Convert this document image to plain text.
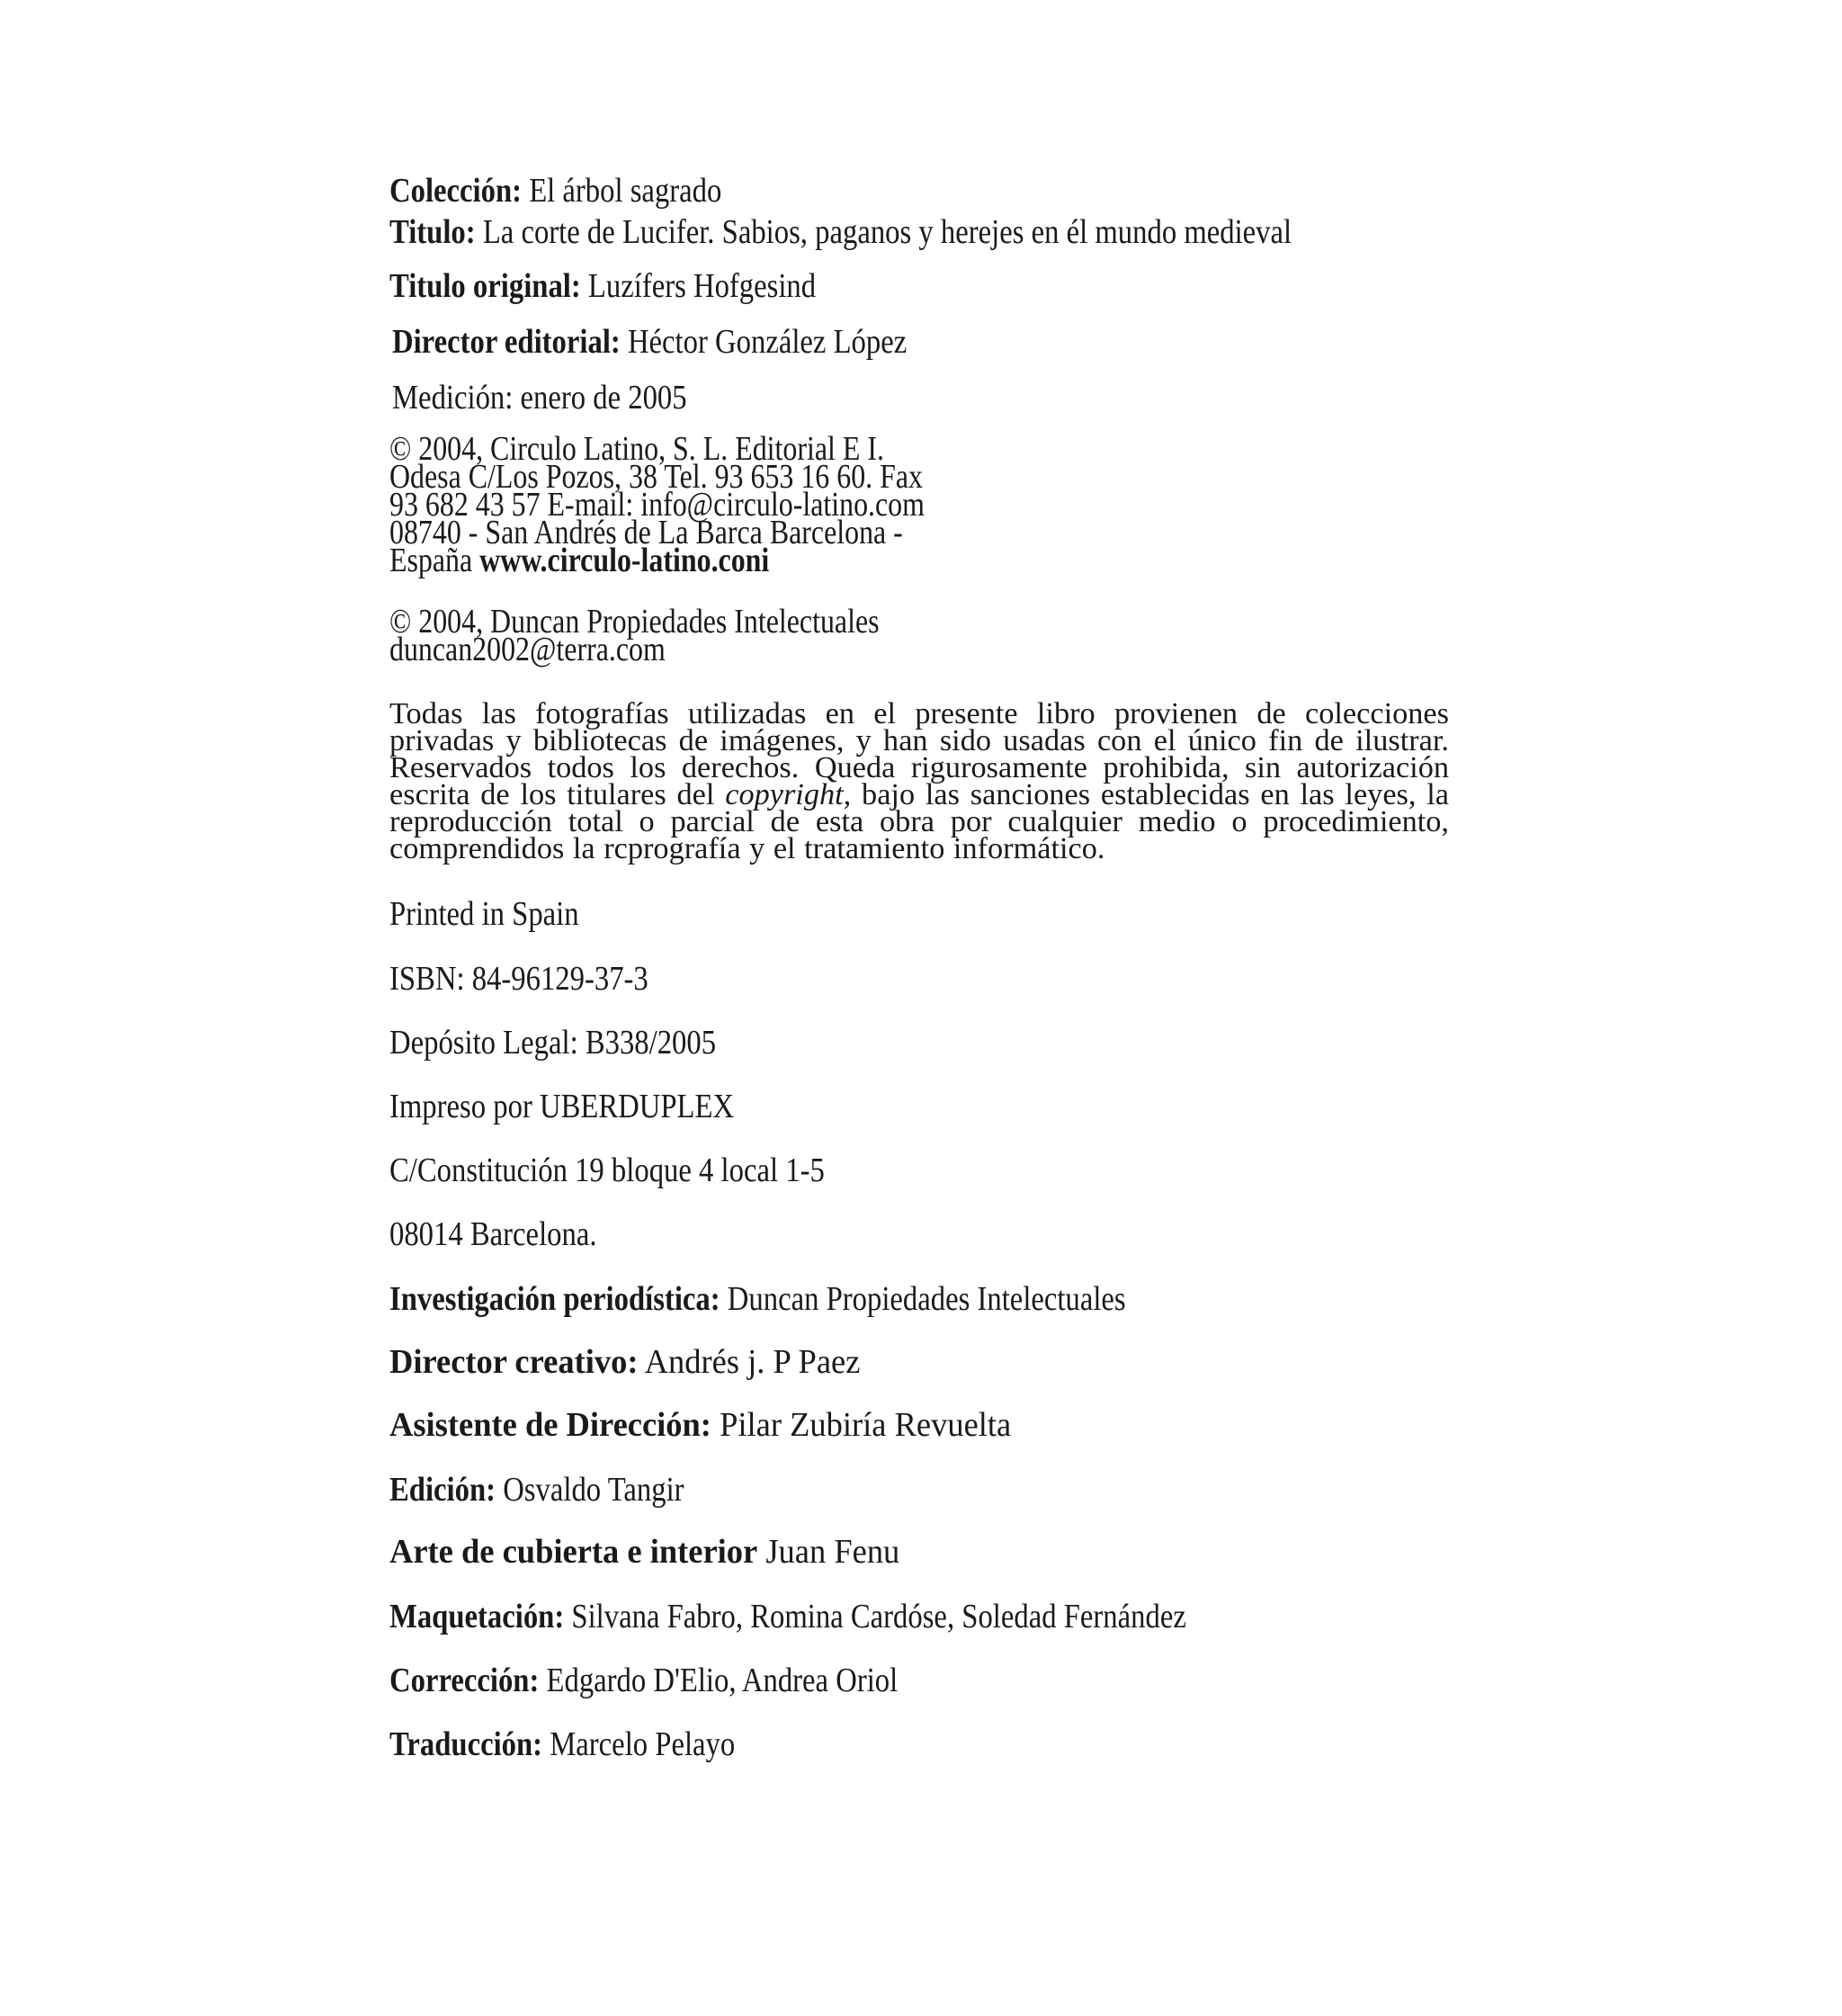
Colección: El árbol sagrado
Titulo: La corte de Lucifer. Sabios, paganos y herejes en él mundo medieval
Titulo original: Luzífers Hofgesind
Director editorial: Héctor González López
Medición: enero de 2005
© 2004, Circulo Latino, S. L. Editorial E I.
Odesa C/Los Pozos, 38 Tel. 93 653 16 60. Fax
93 682 43 57 E-mail: info@circulo-latino.com
08740 - San Andrés de La Barca Barcelona -
España www.circulo-latino.coni
© 2004, Duncan Propiedades Intelectuales
duncan2002@terra.com
Todas las fotografías utilizadas en el presente libro provienen de colecciones privadas y bibliotecas de imágenes, y han sido usadas con el único fin de ilustrar. Reservados todos los derechos. Queda rigurosamente prohibida, sin autorización escrita de los titulares del copyright, bajo las sanciones establecidas en las leyes, la reproducción total o parcial de esta obra por cualquier medio o procedimiento, comprendidos la rcprografía y el tratamiento informático.
Printed in Spain
ISBN: 84-96129-37-3
Depósito Legal: B338/2005
Impreso por UBERDUPLEX
C/Constitución 19 bloque 4 local 1-5
08014 Barcelona.
Investigación periodística: Duncan Propiedades Intelectuales
Director creativo: Andrés j. P Paez
Asistente de Dirección: Pilar Zubiría Revuelta
Edición: Osvaldo Tangir
Arte de cubierta e interior Juan Fenu
Maquetación: Silvana Fabro, Romina Cardóse, Soledad Fernández
Corrección: Edgardo D'Elio, Andrea Oriol
Traducción: Marcelo Pelayo
